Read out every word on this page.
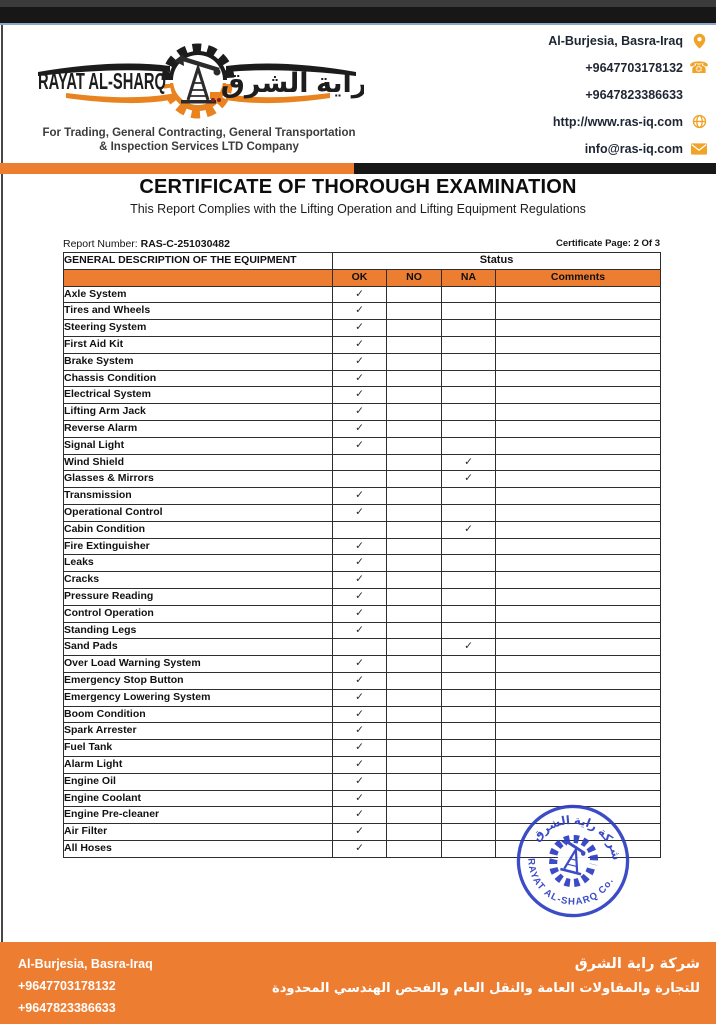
RAYAT AL-SHARQ راية الشرق
For Trading, General Contracting, General Transportation
& Inspection Services LTD Company
Al-Burjesia, Basra-Iraq
+9647703178132 ☎
+9647823386633
http://www.ras-iq.com
info@ras-iq.com
CERTIFICATE OF THOROUGH EXAMINATION
This Report Complies with the Lifting Operation and Lifting Equipment Regulations
Report Number: RAS-C-251030482	Certificate Page: 2 Of 3
GENERAL DESCRIPTION OF THE EQUIPMENT	Status			
	OK	NO	NA	Comments
Axle System	✓			
Tires and Wheels	✓			
Steering System	✓			
First Aid Kit	✓			
Brake System	✓			
Chassis Condition	✓			
Electrical System	✓			
Lifting Arm Jack	✓			
Reverse Alarm	✓			
Signal Light	✓			
Wind Shield			✓	
Glasses & Mirrors			✓	
Transmission	✓			
Operational Control	✓			
Cabin Condition			✓	
Fire Extinguisher	✓			
Leaks	✓			
Cracks	✓			
Pressure Reading	✓			
Control Operation	✓			
Standing Legs	✓			
Sand Pads			✓	
Over Load Warning System	✓			
Emergency Stop Button	✓			
Emergency Lowering System	✓			
Boom Condition	✓			
Spark Arrester	✓			
Fuel Tank	✓			
Alarm Light	✓			
Engine Oil	✓			
Engine Coolant	✓			
Engine Pre-cleaner	✓			
Air Filter	✓			
All Hoses	✓			
شركة راية الشرق
RAYAT AL-SHARQ Co.
Al-Burjesia, Basra-Iraq
+9647703178132
+9647823386633
شركة راية الشرق
للتجارة والمقاولات العامة والنقل العام والفحص الهندسي المحدودة
